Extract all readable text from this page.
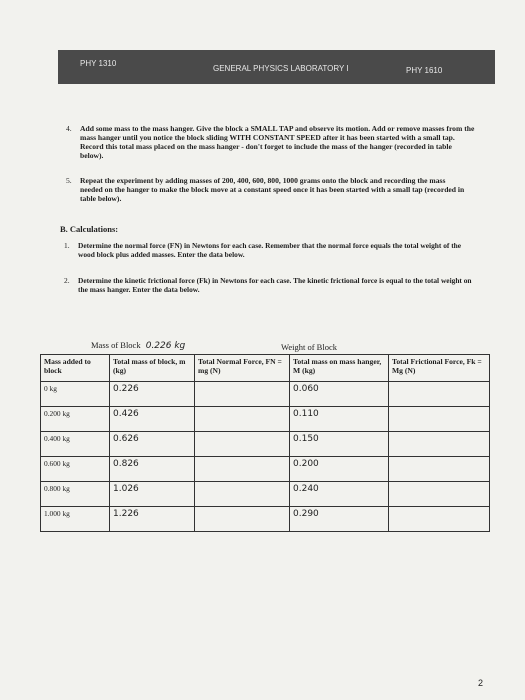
PHY 1310
GENERAL PHYSICS LABORATORY I	PHY 1610
4. Add some mass to the mass hanger. Give the block a SMALL TAP and observe its motion. Add or remove masses from the mass hanger until you notice the block sliding WITH CONSTANT SPEED after it has been started with a small tap. Record this total mass placed on the mass hanger - don't forget to include the mass of the hanger (recorded in table below).
5. Repeat the experiment by adding masses of 200, 400, 600, 800, 1000 grams onto the block and recording the mass needed on the hanger to make the block move at a constant speed once it has been started with a small tap (recorded in table below).
B. Calculations:
1. Determine the normal force (FN) in Newtons for each case. Remember that the normal force equals the total weight of the wood block plus added masses. Enter the data below.
2. Determine the kinetic frictional force (Fk) in Newtons for each case. The kinetic frictional force is equal to the total weight on the mass hanger. Enter the data below.
Mass of Block 0.226 kg	Weight of Block
Mass added to block	Total mass of block, m (kg)	Total Normal Force, FN = mg (N)	Total mass on mass hanger, M (kg)	Total Frictional Force, Fk = Mg (N)
0 kg	0.226		0.060	
0.200 kg	0.426		0.110	
0.400 kg	0.626		0.150	
0.600 kg	0.826		0.200	
0.800 kg	1.026		0.240	
1.000 kg	1.226		0.290	
2
